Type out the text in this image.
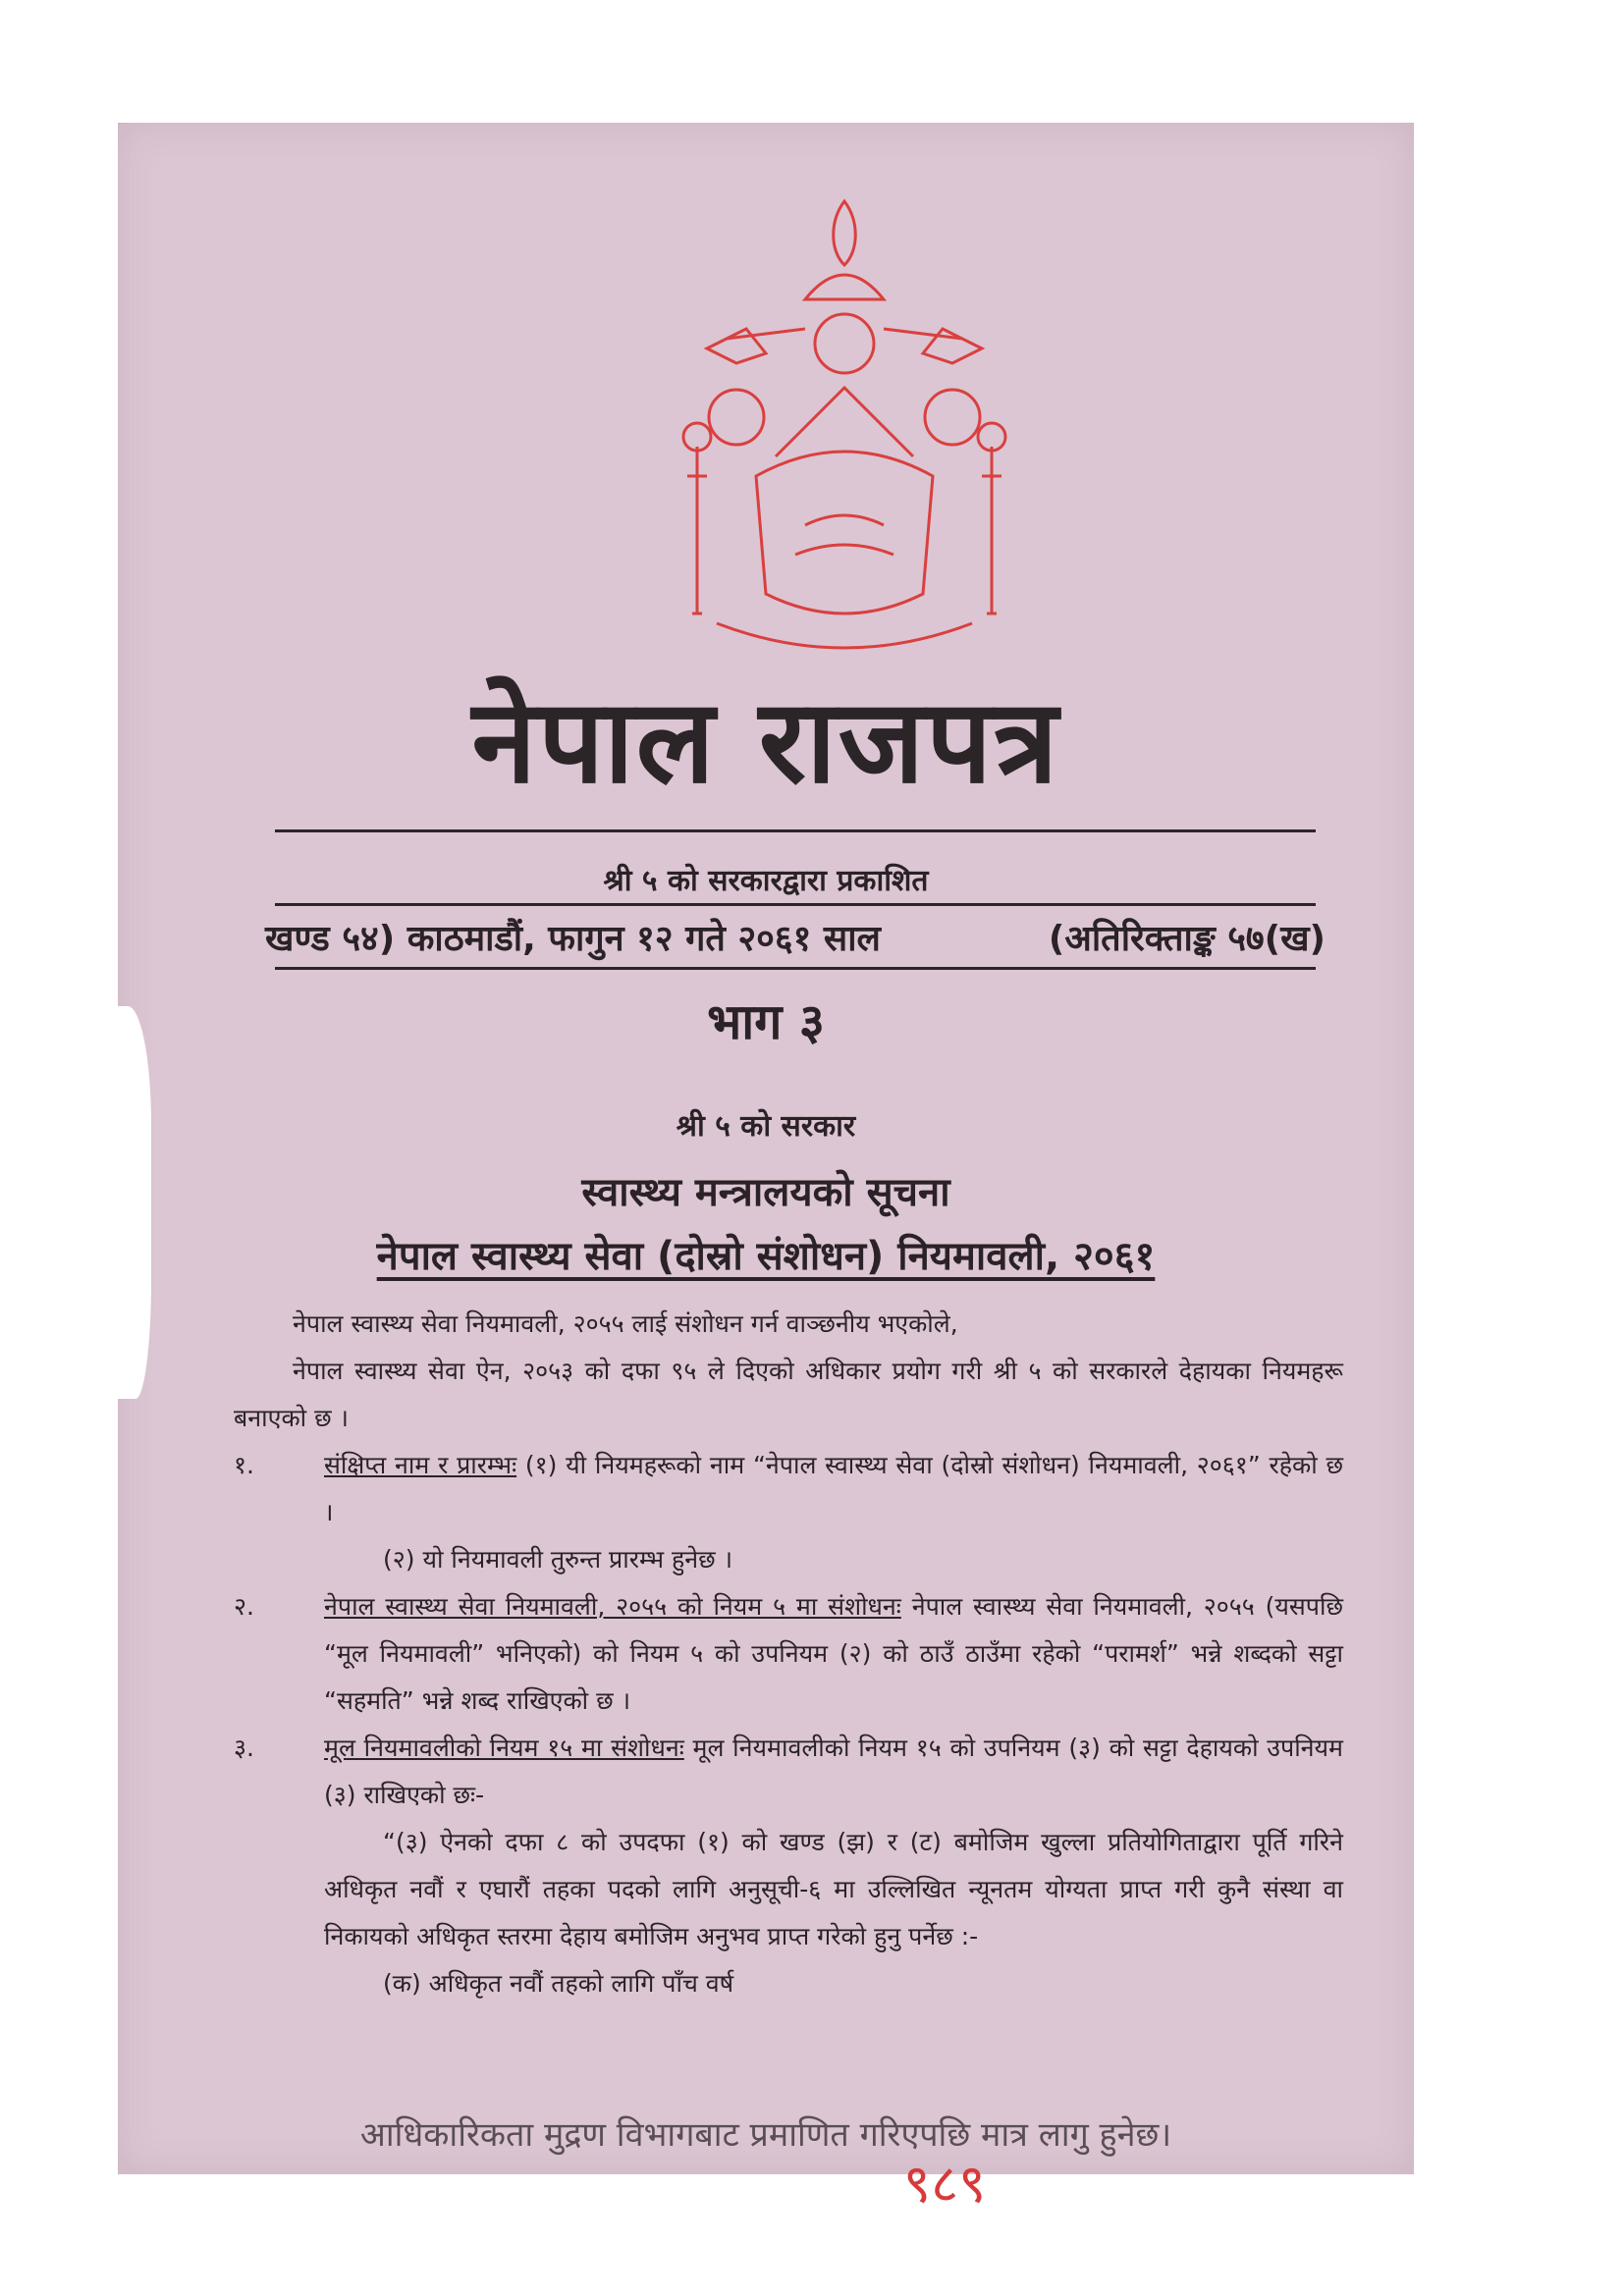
नेपाल राजपत्र
श्री ५ को सरकारद्वारा प्रकाशित
खण्ड ५४) काठमाडौं, फागुन १२ गते २०६१ साल	(अतिरिक्ताङ्क ५७(ख)
भाग ३
श्री ५ को सरकार
स्वास्थ्य मन्त्रालयको सूचना
नेपाल स्वास्थ्य सेवा (दोस्रो संशोधन) नियमावली, २०६१

नेपाल स्वास्थ्य सेवा नियमावली, २०५५ लाई संशोधन गर्न वाञ्छनीय भएकोले,

नेपाल स्वास्थ्य सेवा ऐन, २०५३ को दफा ९५ ले दिएको अधिकार प्रयोग गरी श्री ५ को सरकारले देहायका नियमहरू बनाएको छ ।

१.	संक्षिप्त नाम र प्रारम्भः (१) यी नियमहरूको नाम “नेपाल स्वास्थ्य सेवा (दोस्रो संशोधन) नियमावली, २०६१” रहेको छ ।

(२) यो नियमावली तुरुन्त प्रारम्भ हुनेछ ।

२.	नेपाल स्वास्थ्य सेवा नियमावली, २०५५ को नियम ५ मा संशोधनः नेपाल स्वास्थ्य सेवा नियमावली, २०५५ (यसपछि “मूल नियमावली” भनिएको) को नियम ५ को उपनियम (२) को ठाउँ ठाउँमा रहेको “परामर्श” भन्ने शब्दको सट्टा “सहमति” भन्ने शब्द राखिएको छ ।
३.	मूल नियमावलीको नियम १५ मा संशोधनः मूल नियमावलीको नियम १५ को उपनियम (३) को सट्टा देहायको उपनियम (३) राखिएको छः-

“(३) ऐनको दफा ८ को उपदफा (१) को खण्ड (झ) र (ट) बमोजिम खुल्ला प्रतियोगिताद्वारा पूर्ति गरिने अधिकृत नवौं र एघारौं तहका पदको लागि अनुसूची-६ मा उल्लिखित न्यूनतम योग्यता प्राप्त गरी कुनै संस्था वा निकायको अधिकृत स्तरमा देहाय बमोजिम अनुभव प्राप्त गरेको हुनु पर्नेछ :-

(क) अधिकृत नवौं तहको लागि पाँच वर्ष

आधिकारिकता मुद्रण विभागबाट प्रमाणित गरिएपछि मात्र लागु हुनेछ।
९८९
